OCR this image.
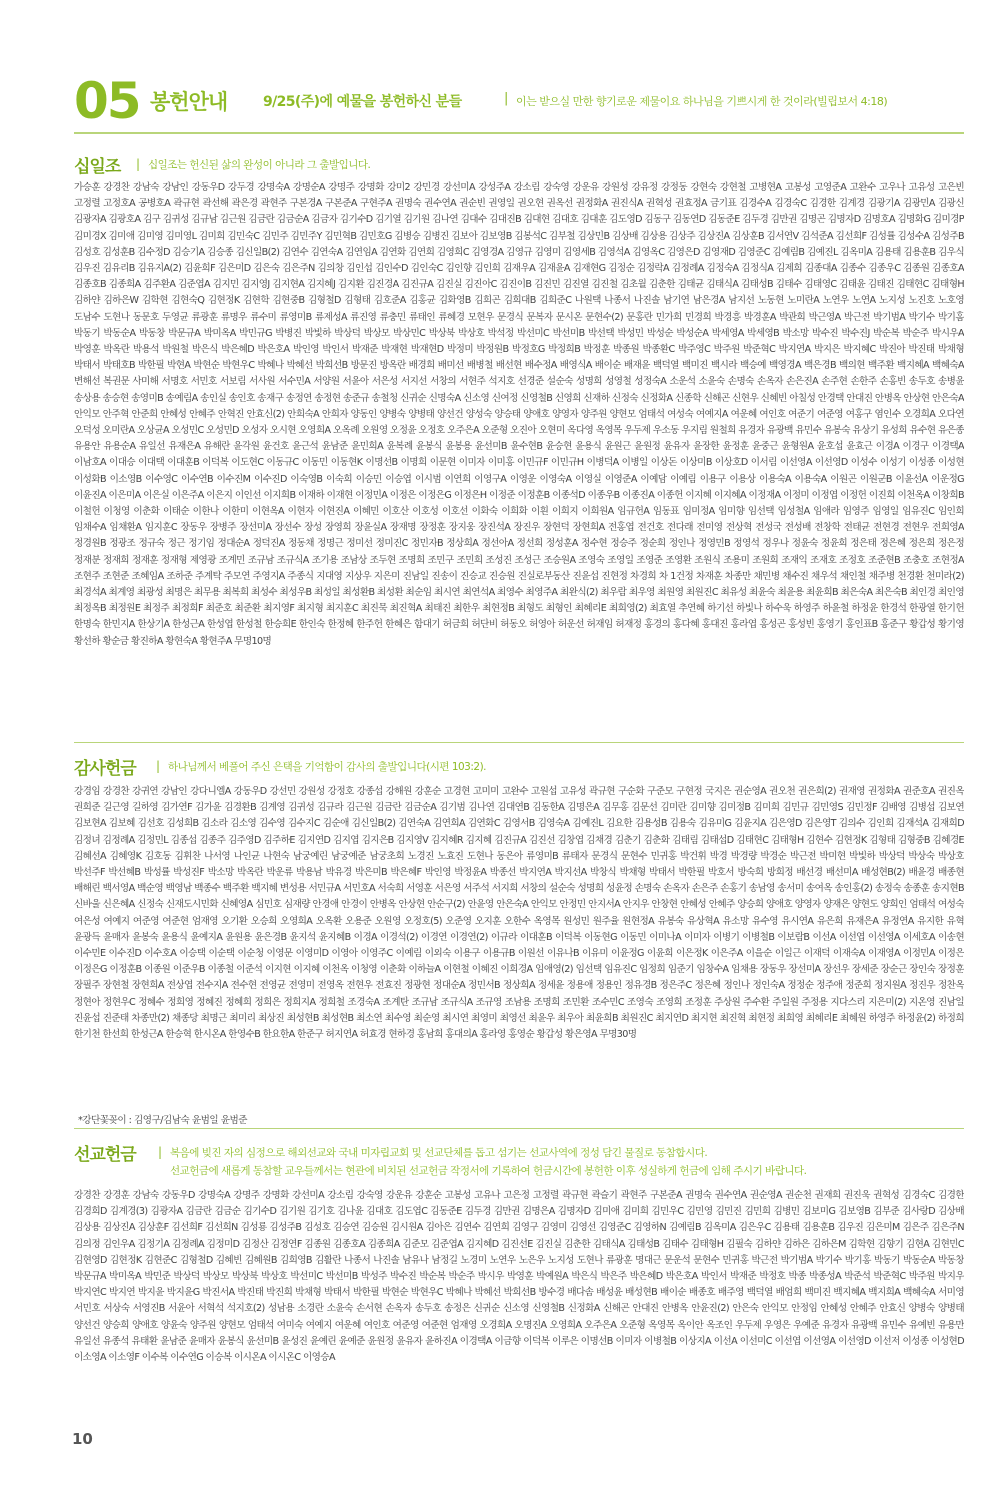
05 봉헌안내	9/25(주)에 예물을 봉헌하신 분들	| 이는 받으실 만한 향기로운 제물이요 하나님을 기쁘시게 한 것이라(빌립보서 4:18)
십일조 | 십일조는 헌신된 삶의 완성이 아니라 그 출발입니다.
가승훈 강경찬 강남숙 강남인 강동우D 강두경 강명숙A 강명순A 강명주 강명화 강미2 강민경 강선미A 강성주A 강소림 강숙영 강운유 강원성 강유정 강정동 강현숙 강현철 고병현A 고봉성 고영준A 고완수 고우나 고유성 고은빈 고정렬 고정호A 공병호A 곽규현 곽선해 곽은경 곽현주 구본경A 구본준A 구현주A 권명숙 권수연A 권순빈 권영일 권오현 권옥선 권정화A 권진식A 권혁성 권효정A 금기표 김경수A 김경숙C 김경한 김계경 김광기A 김광민A 김광신 김광자A 김광호A 김구 김귀성 김규남 김근원 김금란 김금순A 김금자 김기수D 김기열 김기원 김나연 김대수 김대진B 김대현 김대호 김대훈 김도영D 김동구 김동연D 김동준E 김두경 김만권 김명곤 김명자D 김명호A 김명화G 김미경P 김미경X 김미애 김미영 김미영L 김미희 김민숙C 김민주 김민주Y 김민혁B 김민호G 김병승 김병진 김보아 김보영B 김봉석C 김부철 김상민B 김상배 김상용 김상주 김상진A 김상훈B 김서연V 김석준A 김선희F 김성률 김성수A 김성주B 김성호 김성훈B 김수정D 김승기A 김승종 김신일B(2) 김연수 김연숙A 김연임A 김연화 김연희 김영희C 김영경A 김영규 김영미 김영세B 김영석A 김영옥C 김영은D 김영재D 김영준C 김예림B 김예진L 김옥미A 김용태 김용훈B 김우식 김우진 김유리B 김유지A(2) 김윤희F 김은미D 김은숙 김은주N 김의창 김인섭 김인수D 김인숙C 김인향 김인희 김재우A 김재윤A 김재현G 김정순 김정락A 김정례A 김정숙A 김정식A 김제희 김종대A 김종수 김종우C 김종원 김종호A 김종호B 김종희A 김주환A 김준엽A 김지민 김지영J 김지현A 김지혜J 김지환 김진경A 김진규A 김진실 김진아C 김진이B 김진민 김진열 김진철 김초월 김춘한 김태균 김태식A 김태성B 김태수 김태영C 김태윤 김태진 김태현C 김태형H 김하얀 김하은W 김학현 김현숙Q 김현정K 김현학 김현중B 김형철D 김형태 김호준A 김홍균 김화영B 김희곤 김희대B 김희준C 나원택 나종서 나진솔 남기연 남은경A 남지선 노동현 노미란A 노연우 노연A 노지성 노진호 노호영 도남수 도현나 동문호 두영균 류광훈 류명우 류수미 류영미B 류제성A 류진영 류충민 류태인 류혜경 모현우 문경식 문복자 문시온 문현수(2) 문홍란 민가희 민경희 박경흥 박경훈A 박관희 박근영A 박근전 박기범A 박기수 박기홈 박동기 박동순A 박동창 박문규A 박미옥A 박민규G 박병진 박빛하 박상덕 박상모 박상민C 박상북 박상호 박석정 박선미C 박선미B 박선택 박성민 박성순 박성순A 박세영A 박세영B 박소망 박수진 박수진J 박순복 박순주 박시우A 박영훈 박옥란 박용석 박원철 박은식 박은혜D 박은호A 박인영 박인서 박재준 박재현 박재현D 박정미 박정원B 박정호G 박정희B 박정훈 박종원 박종환C 박주영C 박주원 박준혁C 박지연A 박지은 박지혜C 박진아 박진태 박채형 박태서 박태호B 박한필 박현A 박현순 박현우C 박혜나 박혜선 박희선B 방문진 방옥란 배경희 배미선 배병철 배선현 배수정A 배영식A 배이순 배재윤 백덕열 백미진 백시라 백승예 백영경A 백은경B 백의현 백주환 백지혜A 백혜숙A 변해선 복권문 사미해 서명호 서민호 서보림 서사원 서수민A 서양원 서윤아 서은성 서지선 서창의 서현주 석지호 선경준 설순숙 성명희 성영철 성정숙A 소운석 소윤숙 손명숙 손옥자 손은진A 손주현 손한주 손홍빈 송두호 송병윤 송상용 송승현 송영미B 송예림A 송인실 송인호 송재구 송정연 송정현 송준규 송철청 신귀순 신명숙A 신소영 신여정 신영철B 신영희 신재하 신정숙 신정화A 신종학 신해곤 신현우 신혜빈 아칠성 안경택 안대진 안병옥 안상현 안은숙A 안익모 안주혁 안준희 안혜성 안혜주 안혁진 안효신(2) 안희숙A 안희자 양동인 양병숙 양병태 양선건 양성숙 양승태 양애호 양영자 양주원 양현모 엄태석 여성숙 여예지A 여운혜 여인호 여준기 여준영 여홍구 염인수 오경희A 오다연 오덕성 오미란A 오상균A 오성민C 오성민D 오성자 오시현 오영희A 오옥례 오원영 오정윤 오정호 오주은A 오준형 오진아 오현미 옥다영 옥영목 우두제 우소동 우지림 원철희 유경자 유광백 유민수 유봉숙 유상기 유성희 유수현 유은종 유용안 유용순A 유일선 유재은A 유해란 윤각원 윤건호 윤근석 윤남준 윤민희A 윤복례 윤봉식 윤봉용 윤선미B 윤수현B 윤승현 윤용식 윤원근 윤원정 윤유자 윤장한 윤정훈 윤중근 윤형원A 윤호섭 윤효근 이경A 이경구 이경택A 이남호A 이대승 이대택 이대훈B 이덕복 이도현C 이동규C 이동민 이동현K 이명선B 이명희 이문현 이미자 이미홍 이민규F 이민규H 이병덕A 이병일 이상돈 이상미B 이상호D 이서림 이선영A 이선영D 이성수 이성기 이성종 이성현 이성화B 이소영B 이수영C 이수연B 이수진M 이수진D 이숙영B 이숙희 이승민 이승엽 이시범 이연희 이영구A 이영운 이영숙A 이영실 이영준A 이예담 이예림 이용구 이용상 이용숙A 이용숙A 이원곤 이원군B 이윤선A 이운정G 이윤진A 이은미A 이은실 이은주A 이은지 이인선 이지희B 이재하 이재현 이정민A 이정은 이정은G 이정은H 이정준 이정훈B 이종석D 이종우B 이종진A 이종헌 이지혜 이지혜A 이정재A 이정미 이정엽 이정헌 이진희 이천옥A 이창희B 이철헌 이청영 이춘화 이태순 이한나 이한미 이현옥A 이현자 이현진A 이혜민 이호산 이호성 이호선 이화숙 이희화 이흰 이희지 이희원A 임규헌A 임동표 임미정A 임미향 임선택 임성철A 임애라 임영주 임영일 임유진C 임인희 임채수A 임채환A 임지훈C 장동우 장병주 장선미A 장선수 장성 장영희 장윤실A 장재명 장정훈 장지웅 장진석A 장진우 장현덕 장현희A 전홍엽 전건호 전다래 전미영 전상혁 전성국 전성배 전창학 전태균 전현경 전현우 전희영A 정경원B 정광조 정규숙 정근 정기임 정대순A 정덕진A 정동채 정명근 정미선 정미진C 정민자B 정상희A 정선아A 정선희 정성훈A 정수현 정승주 정순희 정인나 정영민B 정영석 정우나 정윤숙 정윤희 정은태 정은혜 정은희 정은정 정재분 정재희 정재훈 정재형 제영광 조계민 조규남 조규식A 조기용 조남상 조두현 조명희 조민구 조민희 조성진 조성근 조승원A 조영숙 조영일 조영준 조영환 조원식 조용미 조원희 조재익 조재호 조정호 조준현B 조충호 조현정A 조현주 조현준 조혜임A 조하준 주계탁 주모연 주영지A 주종식 지대영 지상우 지은미 진남일 진송이 진승교 진승원 진실로부동산 진윤섭 진현정 차경희 차 1건정 차재훈 차종만 채민병 채수진 채우석 채인철 채주병 천경환 천미라(2) 최경석A 최계영 최광성 최명은 최무용 최복희 최성수 최성우B 최성일 최성환B 최성환 최순임 최시연 최연석A 최영수 최영주A 최완식(2) 최우람 최우영 최원영 최원진C 최유성 최윤숙 최윤용 최윤희B 최은숙A 최은숙B 최인경 최인영 최정옥B 최정원E 최정주 최정희F 최준호 최준환 최지영F 최지형 최지훈C 최진묵 최진혁A 최태진 최한우 최현정B 최형도 최형인 최혜리E 최희영(2) 최효열 추연혜 하기선 하빛나 하수욱 하영주 하윤철 하정윤 한경석 한광열 한기헌 한명숙 한민지A 한상기A 한성근A 한성엽 한성철 한승희E 한인숙 한정혜 한주헌 한혜은 함대기 허금희 허단비 허동오 허영아 허운선 허재임 허재정 홍경의 홍다혜 홍대진 홍라엽 홍성곤 홍성빈 홍영기 홍인표B 홍준구 황갑성 황기영 황선하 황순금 황진하A 황현숙A 황현주A 무명10명
감사헌금 | 하나님께서 베풀어 주신 은택을 기억함이 감사의 출발입니다(시편 103:2).
강경임 강경찬 강귀연 강남인 강다니엘A 강동우D 강선민 강원성 강정호 강종섭 강해원 강훈순 고경현 고미미 고완수 고원섭 고유성 곽규현 구순화 구준모 구현정 국지은 권순영A 권오천 권은희(2) 권재영 권정화A 권준호A 권진옥 권희준 길근영 길하영 김가연F 김가윤 김경환B 김계영 김귀성 김규라 김근원 김금란 김금순A 김기범 김나연 김대연B 김동한A 김명은A 김무홍 김문선 김미란 김미향 김미정B 김미희 김민규 김민영S 김민정F 김배영 김병섭 김보연 김보현A 김보혜 김선호 김성희B 김소라 김소영 김수영 김수지C 김순애 김신일B(2) 김연숙A 김연희A 김연화C 김영서B 김영숙A 김예진L 김요한 김용성B 김용숙 김유미G 김윤지A 김은영D 김은영T 김의수 김인희 김재석A 김재희D 김정녀 김정례A 김정민L 김종섭 김종주 김주영D 김주하E 김지연D 김지엽 김지은B 김지영V 김지혜R 김지혜 김진규A 김진선 김창엽 김채경 김춘기 김춘화 김태림 김태섭D 김태현C 김태형H 김현수 김현정K 김형태 김형중B 김혜경E 김혜선A 김혜영K 김호동 김휘찬 나서영 나인균 나현숙 남궁예린 남궁예준 남궁초희 노경진 노효진 도현나 동은아 류영미B 류태자 문경식 문현수 민귀홍 박건휘 박경 박경량 박경순 박근전 박미현 박빛하 박상덕 박상숙 박상호 박선주F 박선혜B 박성률 박성진F 박소망 박옥란 박운류 박용남 박유경 박은미B 박은혜F 박인영 박정윤A 박종선 박지연A 박지선A 박창식 박채형 박태서 박한필 박호서 방숙희 방희정 배선경 배선미A 배성현B(2) 배윤경 배종현 배해린 백서영A 백순영 백영남 백종수 백주환 백지혜 변성용 서민규A 서민호A 서숙희 서영훈 서은영 서주석 서지희 서창의 설순숙 성명희 성윤정 손명숙 손옥자 손은주 손홍기 송남영 송서미 송여옥 송인홍(2) 송정숙 송종훈 송지현B 신바울 신은혜A 신정숙 신재도시민화 신혜영A 심민호 심재량 안경애 안경이 안병옥 안상현 안순구(2) 안윤영 안은숙A 안익모 안정민 안지서A 안지우 안창현 안혜성 안혜주 양승희 양애호 양영자 양재은 양현도 양희인 엄태석 여성숙 여은성 여예지 여준영 여준현 엄재영 오기환 오승희 오영희A 오옥환 오용준 오원영 오정호(5) 오준영 오지훈 오한수 옥영목 원성민 원주율 원현정A 유봉숙 유상혁A 유소망 유수영 유시연A 유은희 유재은A 유정연A 유지한 유혁 윤광득 윤매자 윤봉숙 윤용식 윤예지A 윤원용 윤은경B 윤지석 윤지혜B 이경A 이경석(2) 이경연 이경연(2) 이규라 이대훈B 이덕복 이동현G 이동민 이미나A 이미자 이병기 이병철B 이보람B 이선A 이선엽 이선영A 이세호A 이송현 이수민E 이수진D 이수호A 이승택 이순택 이순청 이영문 이영미D 이영아 이영주C 이예림 이외숙 이용구 이용규B 이원선 이유나B 이유미 이윤정G 이윤희 이은정K 이은주A 이을순 이일근 이재덕 이재숙A 이재영A 이정민A 이정은 이정은G 이정훈B 이종원 이준우B 이종철 이준석 이지현 이지혜 이천옥 이청영 이춘화 이하늘A 이현철 이혜진 이희경A 임애영(2) 임선택 임유진C 임정희 임준기 임창수A 임채용 장동우 장선미A 장선우 장세준 장순근 장인숙 장정훈 장필주 장현철 장현희A 전상엽 전수지A 전수현 전영균 전영미 전영옥 전현우 전효진 정광현 정대순A 정민서B 정상희A 정세윤 정용애 정용인 정유경B 정은주C 정은혜 정인나 정인숙A 정정순 정주애 정준희 정지원A 정진우 정찬옥 정현아 정현우C 정혜수 정희영 정혜진 정혜희 정희은 정희지A 정희철 조경숙A 조계탄 조규남 조규식A 조규영 조남용 조명희 조민환 조수민C 조영숙 조영희 조정훈 주상원 주수환 주일원 주정용 지다스리 지은미(2) 지온영 진남일 진윤섭 진준태 차종만(2) 채종당 최명근 최미리 최상진 최성현B 최성현B 최소연 최수영 최순영 최시연 최영미 최영선 최윤우 최우아 최윤희B 최원진C 최지연D 최지현 최진혁 최현정 최희영 최혜리E 최혜원 하영주 하정윤(2) 하정희 한기천 한선희 한성근A 한승혁 한시온A 한영수B 한요한A 한준구 허지연A 허효경 현하경 홍남희 홍대의A 홍라영 홍영순 황갑성 황은영A 무명30명
*강단꽃꽂이 : 김영구/김남숙 윤범일 윤범준
선교헌금 | 복음에 빚진 자의 심정으로 해외선교와 국내 미자립교회 및 선교단체를 돕고 섬기는 선교사역에 정성 담긴 물질로 동참합시다.
선교헌금에 새롭게 동참할 교우들께서는 현관에 비치된 선교헌금 작정서에 기록하여 헌금시간에 봉헌한 이후 성실하게 헌금에 임해 주시기 바랍니다.
강경찬 강경훈 강남숙 강동우D 강명숙A 강명주 강명화 강선미A 강소림 강숙영 강운유 강훈순 고봉성 고유나 고은정 고정렬 곽규현 곽슬기 곽현주 구본준A 권명숙 권수연A 권순영A 권순천 권재희 권진욱 권혁성 김경숙C 김경한 김경희D 김계경(3) 김광자A 김금란 김금순 김기수D 김기원 김기호 김나윤 김대호 김도엽C 김동준E 김두경 김만권 김명은A 김명자D 김미애 김미희 김민우C 김민영 김민진 김민희 김병민 김보미G 김보영B 김부준 김사랑D 김상배 김상용 김상진A 김상훈F 김선희F 김선희N 김성룡 김성주B 김성호 김승연 김승원 김시원A 김아은 김연수 김연희 김영구 김영미 김영선 김영준C 김영하N 김예림B 김옥미A 김은우C 김용태 김용훈B 김우진 김은미M 김은주 김은주N 김의정 김인우A 김정기A 김정례A 김정미D 김정산 김정연F 김종원 김종호A 김종희A 김준모 김준엽A 김지혜D 김진선E 김진실 김춘한 김태식A 김태성B 김태수 김태형H 김필숙 김하얀 김하은 김하은M 김학현 김향기 김현A 김현민C 김현영D 김현정K 김현준C 김형철D 김혜빈 김혜원B 김희영B 김활란 나종서 나진솔 남유나 남정길 노경미 노연우 노은우 노지성 도현나 류광훈 명대근 문운석 문현수 민귀홍 박근전 박기범A 박기수 박기홍 박동기 박동순A 박동창 박문규A 박미옥A 박민준 박상덕 박상모 박상북 박상호 박선미C 박선미B 박성주 박수진 박순복 박순주 박시우 박영훈 박예원A 박은식 박은주 박은혜D 박은호A 박인서 박재준 박정호 박종 박종성A 박준석 박준혁C 박주원 박지우 박지연C 박지연 박지윤 박지윤G 박진서A 박진태 박진희 박채형 박태서 박한필 박현순 박현우C 박혜나 박혜선 박희선B 방수경 배다솜 배성윤 배성현B 배이순 배종호 배주영 백덕열 배엄희 백미진 백지혜A 백지희A 백혜숙A 서미영 서민호 서상숙 서영진B 서윤아 서혁석 석지호(2) 성남용 소경란 소윤숙 손서현 손옥자 송두호 송정은 신귀순 신소영 신영철B 신정화A 신해곤 안대진 안병옥 안윤진(2) 안은숙 안익모 안정임 안혜성 안혜주 안효신 양병숙 양병태 양선건 양승희 양애호 양윤숙 양주원 양현모 엄태석 여미숙 여예지 여운혜 여인호 여준영 여준현 엄재영 오경희A 오명진A 오영희A 오주은A 오준형 옥영목 옥이안 옥조인 우두제 우영은 우예준 유경자 유광백 유민수 유예빈 유용만 유일선 유종석 유태환 윤남준 윤매자 윤봉식 윤선미B 윤성진 윤예린 윤예준 윤원정 윤유자 윤하진A 이경택A 이금향 이덕복 이루은 이명선B 이미자 이병철B 이상지A 이선A 이선미C 이선엽 이선영A 이선영D 이선저 이성종 이성현D 이소영A 이소영F 이수복 이수연G 이승복 이시온A 이시온C 이영승A
10
